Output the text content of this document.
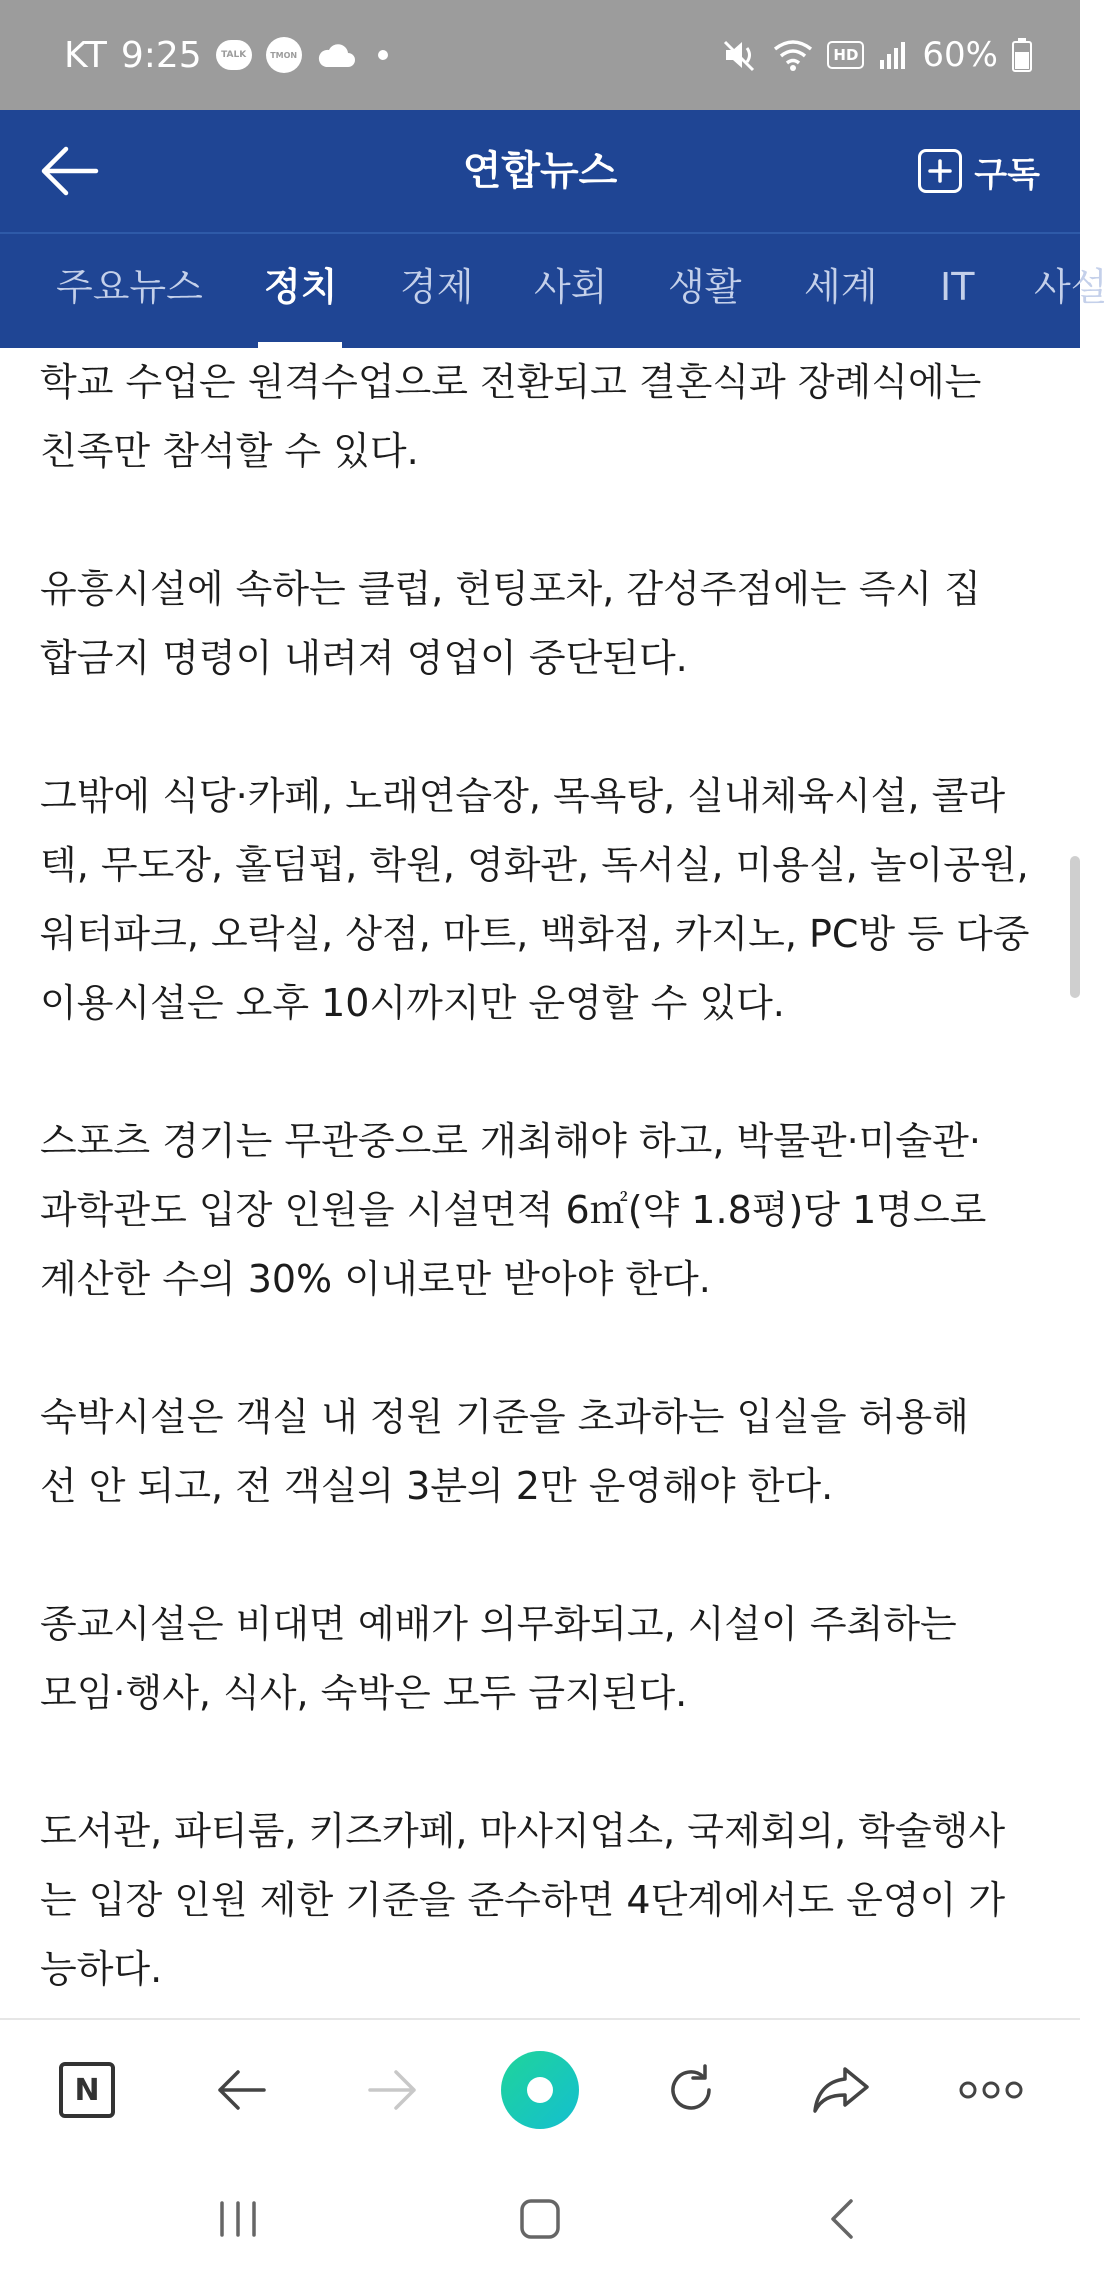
KT 9:25	TALK	TMON	HD 60%
연합뉴스	구독
주요뉴스 정치 경제 사회 생활 세계 IT 사설

학교 수업은 원격수업으로 전환되고 결혼식과 장례식에는
친족만 참석할 수 있다.

유흥시설에 속하는 클럽, 헌팅포차, 감성주점에는 즉시 집
합금지 명령이 내려져 영업이 중단된다.

그밖에 식당·카페, 노래연습장, 목욕탕, 실내체육시설, 콜라
텍, 무도장, 홀덤펍, 학원, 영화관, 독서실, 미용실, 놀이공원,
워터파크, 오락실, 상점, 마트, 백화점, 카지노, PC방 등 다중
이용시설은 오후 10시까지만 운영할 수 있다.

스포츠 경기는 무관중으로 개최해야 하고, 박물관·미술관·
과학관도 입장 인원을 시설면적 6㎡(약 1.8평)당 1명으로
계산한 수의 30% 이내로만 받아야 한다.

숙박시설은 객실 내 정원 기준을 초과하는 입실을 허용해
선 안 되고, 전 객실의 3분의 2만 운영해야 한다.

종교시설은 비대면 예배가 의무화되고, 시설이 주최하는
모임·행사, 식사, 숙박은 모두 금지된다.

도서관, 파티룸, 키즈카페, 마사지업소, 국제회의, 학술행사
는 입장 인원 제한 기준을 준수하면 4단계에서도 운영이 가
능하다.

N
